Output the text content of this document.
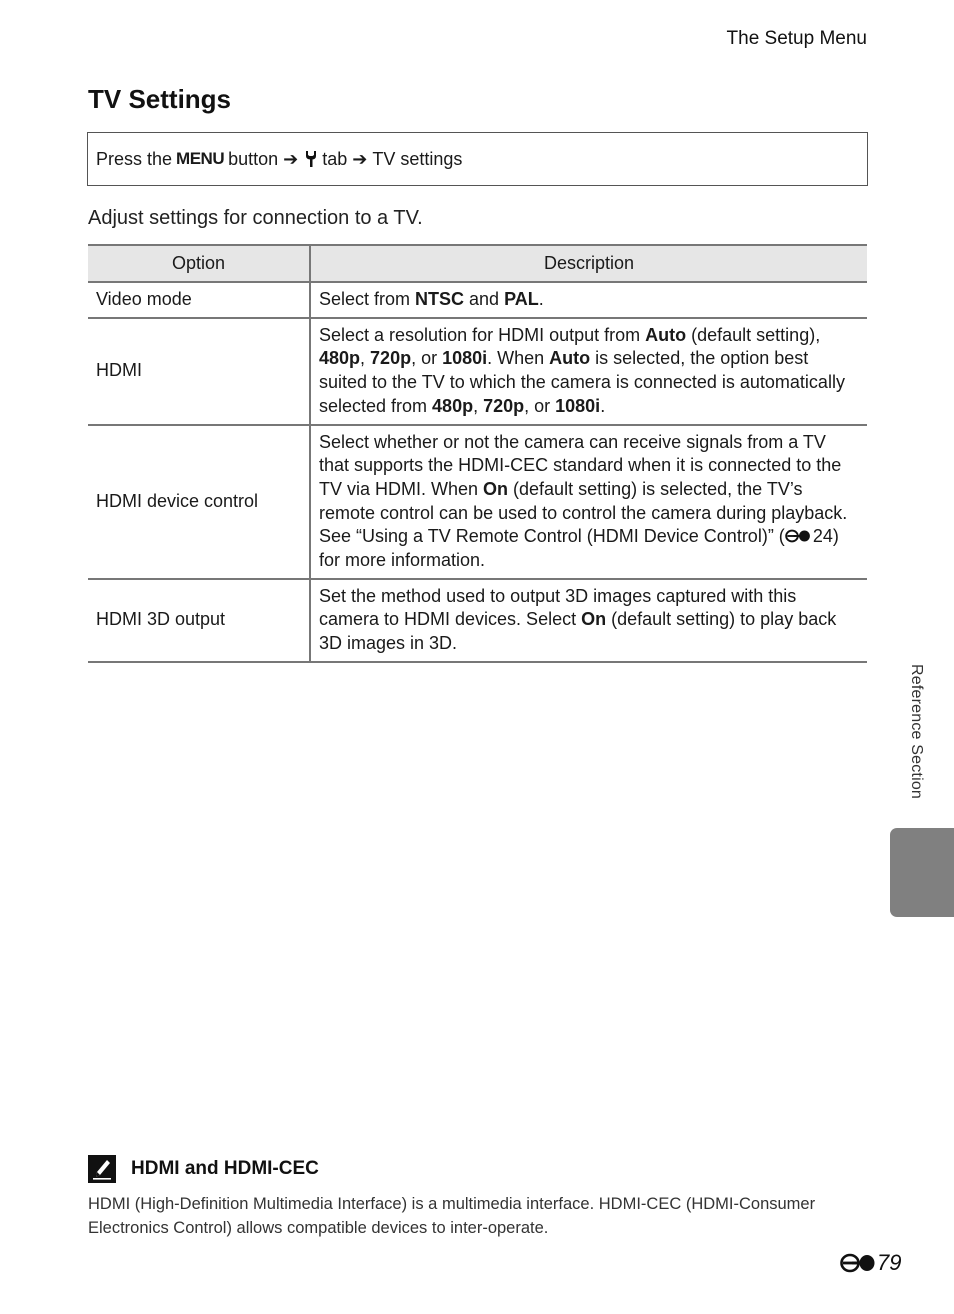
The Setup Menu
TV Settings
Press the MENU button ➔ tab ➔ TV settings

Adjust settings for connection to a TV.

Option	Description
Video mode	Select from NTSC and PAL.
HDMI	Select a resolution for HDMI output from Auto (default setting), 480p, 720p, or 1080i. When Auto is selected, the option best suited to the TV to which the camera is connected is automatically selected from 480p, 720p, or 1080i.
HDMI device control	Select whether or not the camera can receive signals from a TV that supports the HDMI-CEC standard when it is connected to the TV via HDMI. When On (default setting) is selected, the TV’s remote control can be used to control the camera during playback. See “Using a TV Remote Control (HDMI Device Control)” ( 24) for more information.
HDMI 3D output	Set the method used to output 3D images captured with this camera to HDMI devices. Select On (default setting) to play back 3D images in 3D.
Reference Section
HDMI and HDMI-CEC

HDMI (High-Definition Multimedia Interface) is a multimedia interface. HDMI-CEC (HDMI-Consumer Electronics Control) allows compatible devices to inter-operate.

79
